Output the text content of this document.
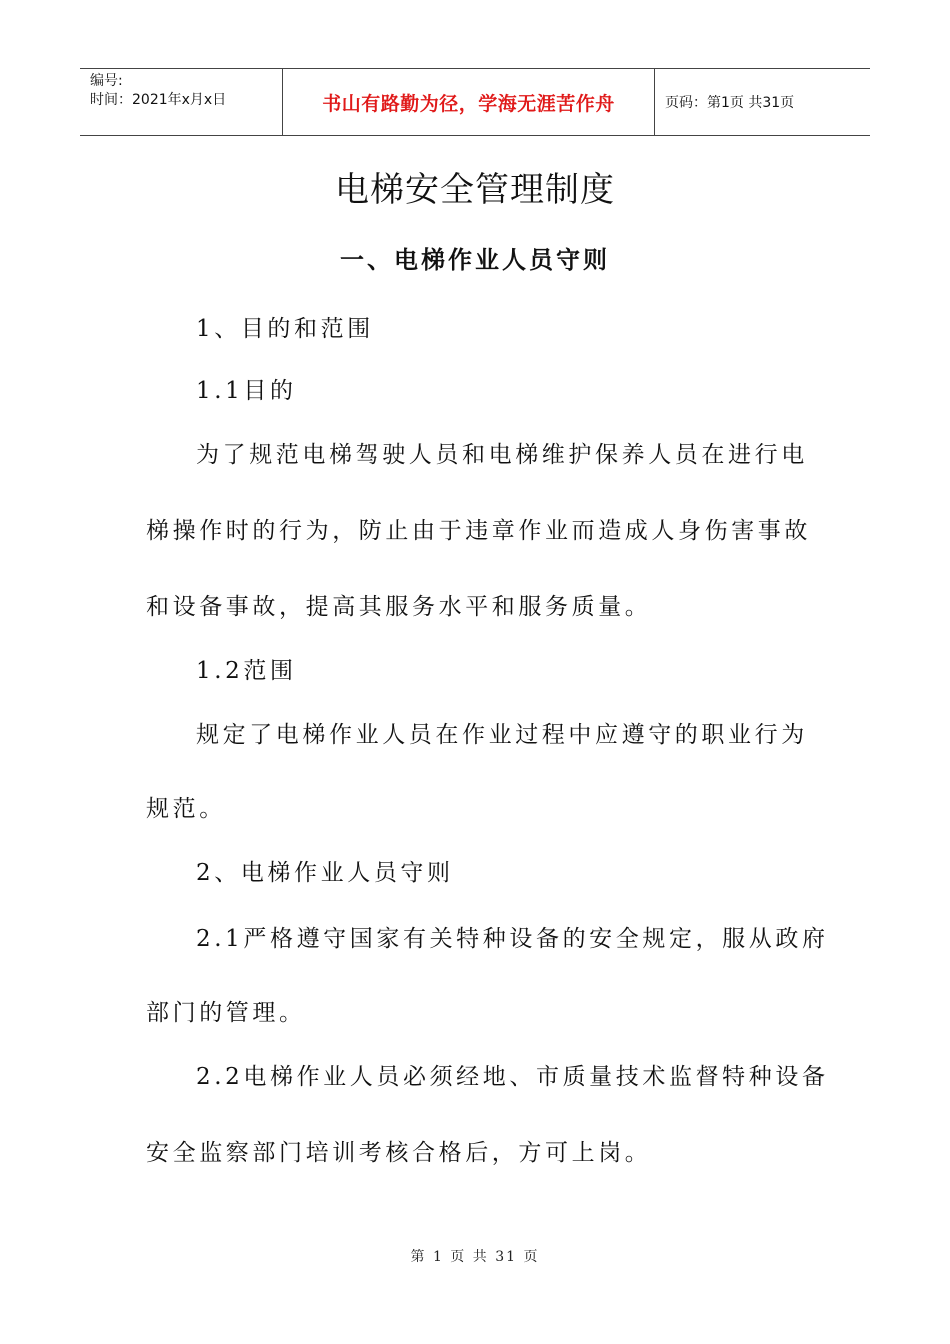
编号:
时间：2021年x月x日	书山有路勤为径，学海无涯苦作舟	页码：第1页 共31页
电梯安全管理制度
一、电梯作业人员守则
1、目的和范围
1.1目的
为了规范电梯驾驶人员和电梯维护保养人员在进行电
梯操作时的行为，防止由于违章作业而造成人身伤害事故
和设备事故，提高其服务水平和服务质量。
1.2范围
规定了电梯作业人员在作业过程中应遵守的职业行为
规范。
2、电梯作业人员守则
2.1严格遵守国家有关特种设备的安全规定，服从政府
部门的管理。
2.2电梯作业人员必须经地、市质量技术监督特种设备
安全监察部门培训考核合格后，方可上岗。
第 1 页 共 31 页
